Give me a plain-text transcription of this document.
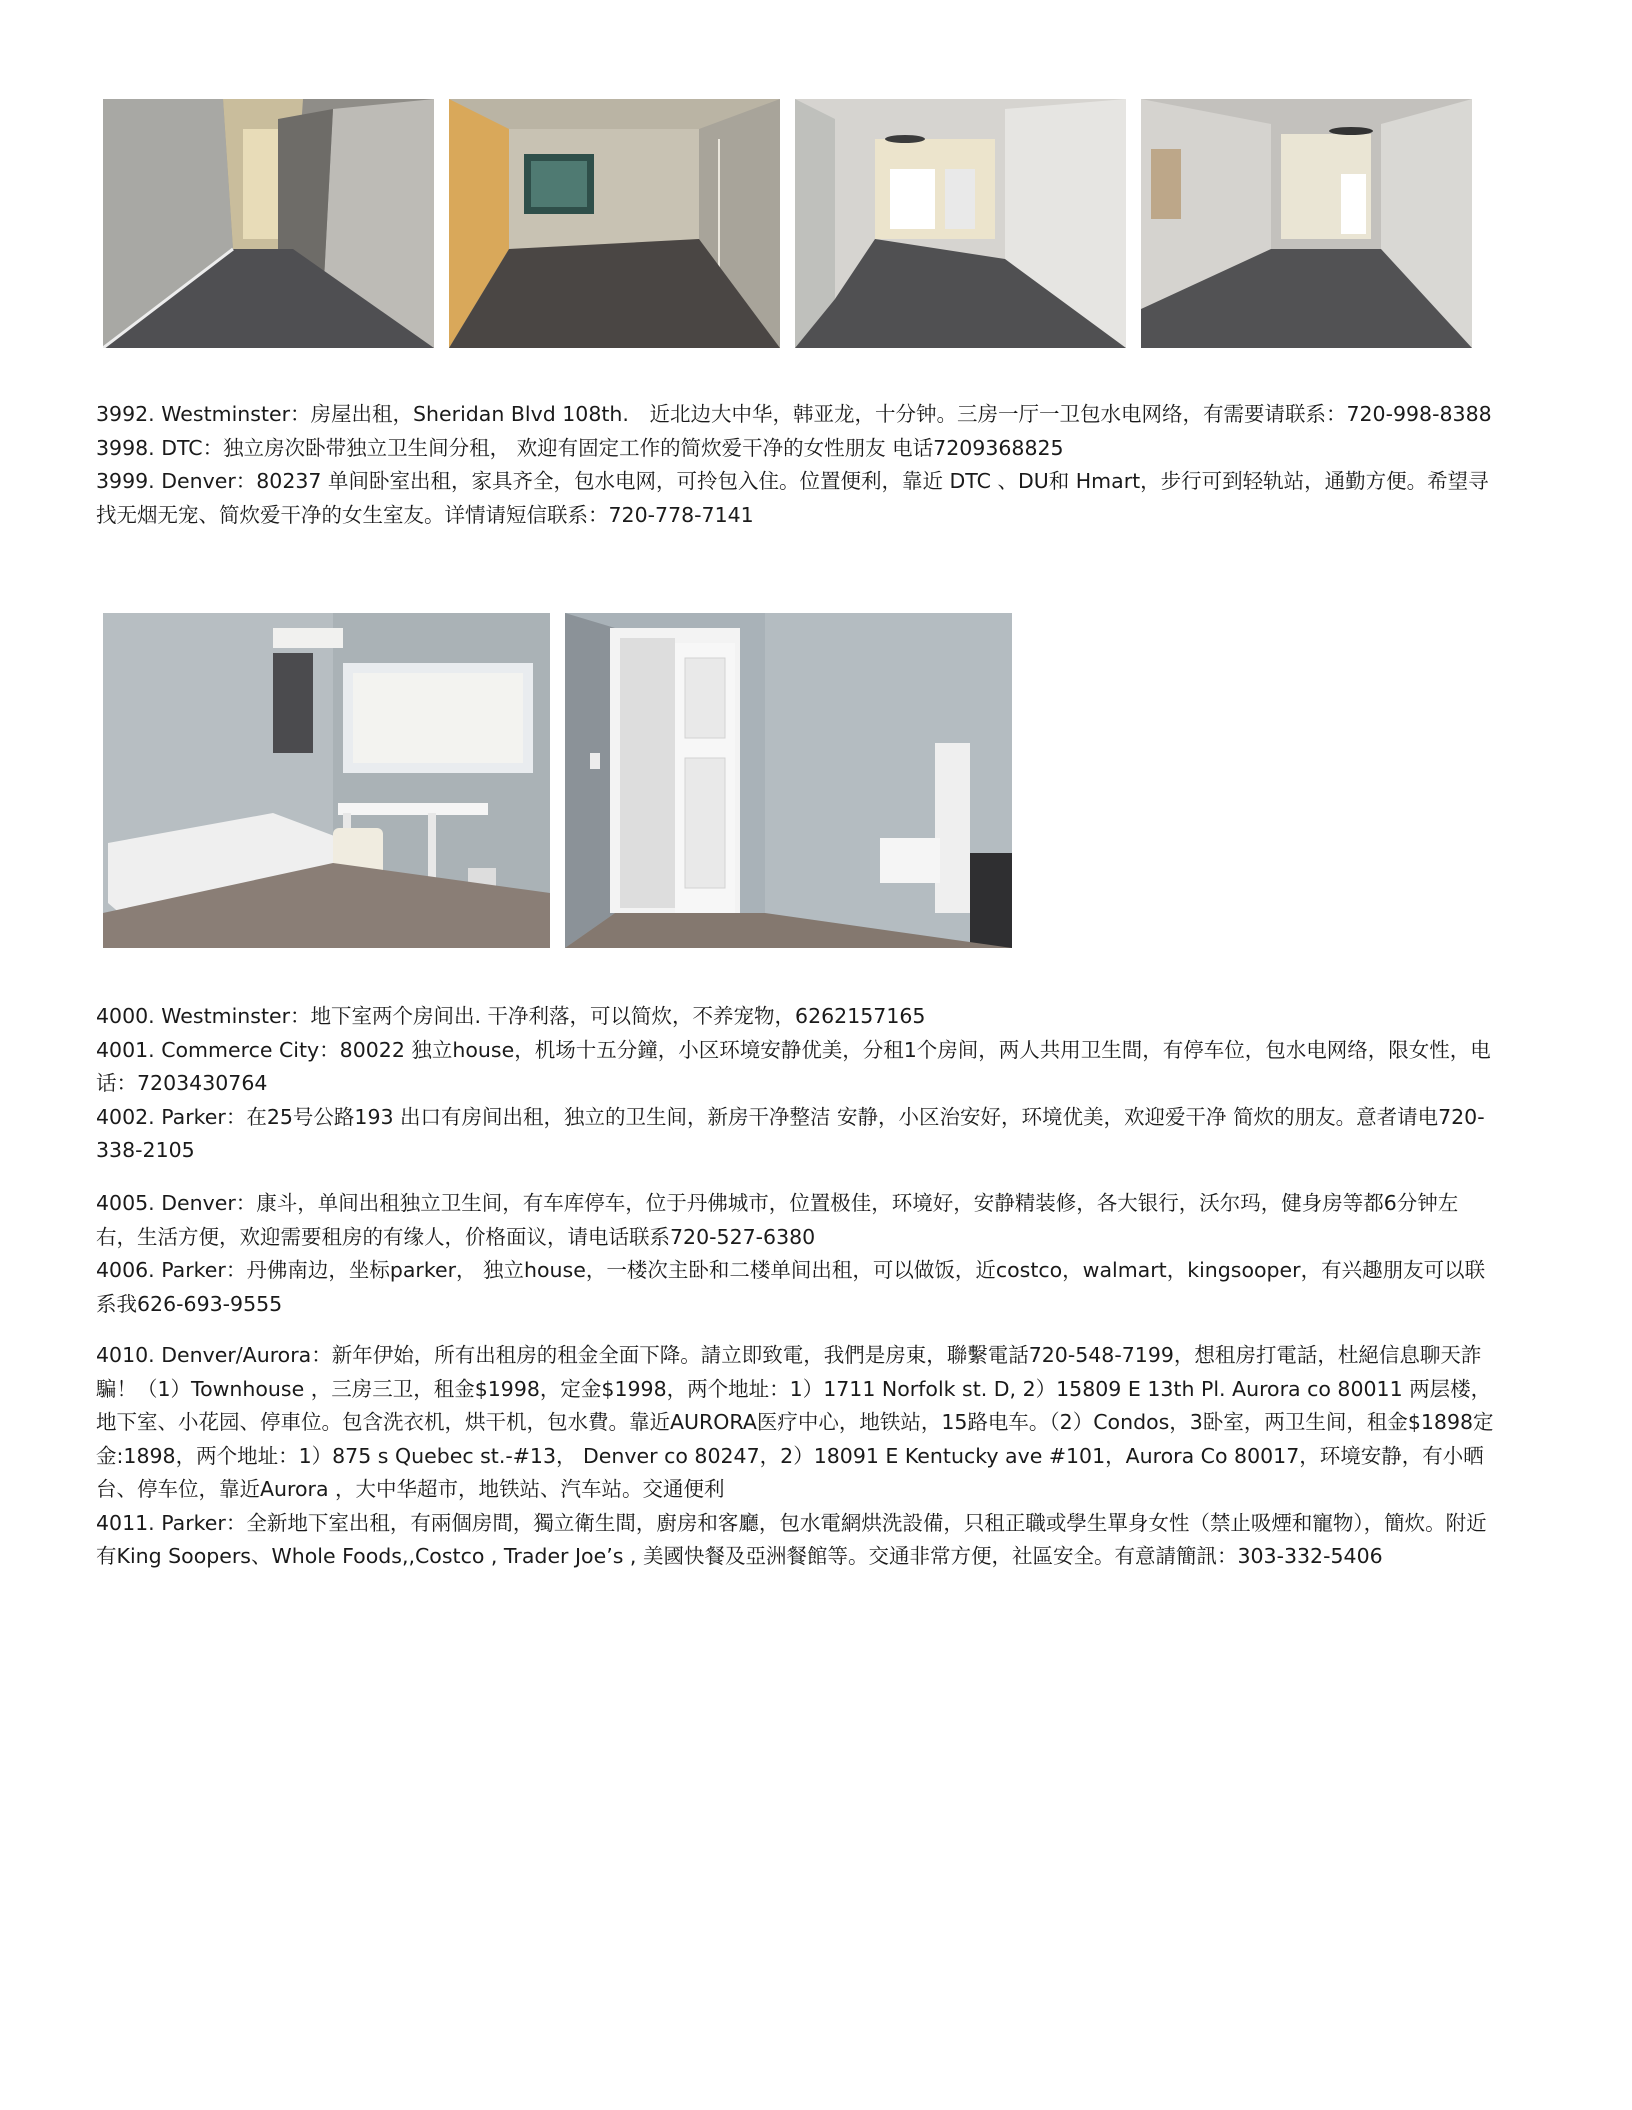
3992. Westminster：房屋出租，Sheridan Blvd 108th.　近北边大中华，韩亚龙，十分钟。三房一厅一卫包水电网络，有需要请联系：720-998-8388

3998. DTC：独立房次卧带独立卫生间分租， 欢迎有固定工作的简炊爱干净的女性朋友 电话7209368825

3999. Denver：80237 单间卧室出租，家具齐全，包水电网，可拎包入住。位置便利，靠近 DTC 、DU和 Hmart，步行可到轻轨站，通勤方便。希望寻找无烟无宠、简炊爱干净的女生室友。详情请短信联系：720-778-7141

4000. Westminster：地下室两个房间出. 干净利落，可以简炊，不养宠物，6262157165

4001. Commerce City：80022 独立house，机场十五分鐘，小区环境安静优美，分租1个房间，两人共用卫生間，有停车位，包水电网络，限女性，电话：7203430764

4002. Parker：在25号公路193 出口有房间出租，独立的卫生间，新房干净整洁 安静，小区治安好，环境优美，欢迎爱干净 简炊的朋友。意者请电720-338-2105

4005. Denver：康斗，单间出租独立卫生间，有车库停车，位于丹佛城市，位置极佳，环境好，安静精装修，各大银行，沃尔玛，健身房等都6分钟左右，生活方便，欢迎需要租房的有缘人，价格面议，请电话联系720-527-6380

4006. Parker：丹佛南边，坐标parker， 独立house，一楼次主卧和二楼单间出租，可以做饭，近costco，walmart，kingsooper，有兴趣朋友可以联系我626-693-9555

4010. Denver/Aurora：新年伊始，所有出租房的租金全面下降。請立即致電，我們是房東，聯繫電話720-548-7199，想租房打電話，杜絕信息聊天詐騙！（1）Townhouse ，三房三卫，租金$1998，定金$1998，两个地址：1）1711 Norfolk st. D, 2）15809 E 13th Pl. Aurora co 80011 两层楼，地下室、小花园、停車位。包含洗衣机，烘干机，包水費。靠近AURORA医疗中心，地铁站，15路电车。（2）Condos，3卧室，两卫生间，租金$1898定金:1898，两个地址：1）875 s Quebec st.-#13， Denver co 80247，2）18091 E Kentucky ave #101，Aurora Co 80017，环境安静，有小晒台、停车位，靠近Aurora ，大中华超市，地铁站、汽车站。交通便利

4011. Parker：全新地下室出租，有兩個房間，獨立衛生間，廚房和客廳，包水電網烘洗設備，只租正職或學生單身女性（禁止吸煙和寵物），簡炊。附近有King Soopers、Whole Foods,,Costco , Trader Joe’s , 美國快餐及亞洲餐館等。交通非常方便，社區安全。有意請簡訊：303-332-5406
